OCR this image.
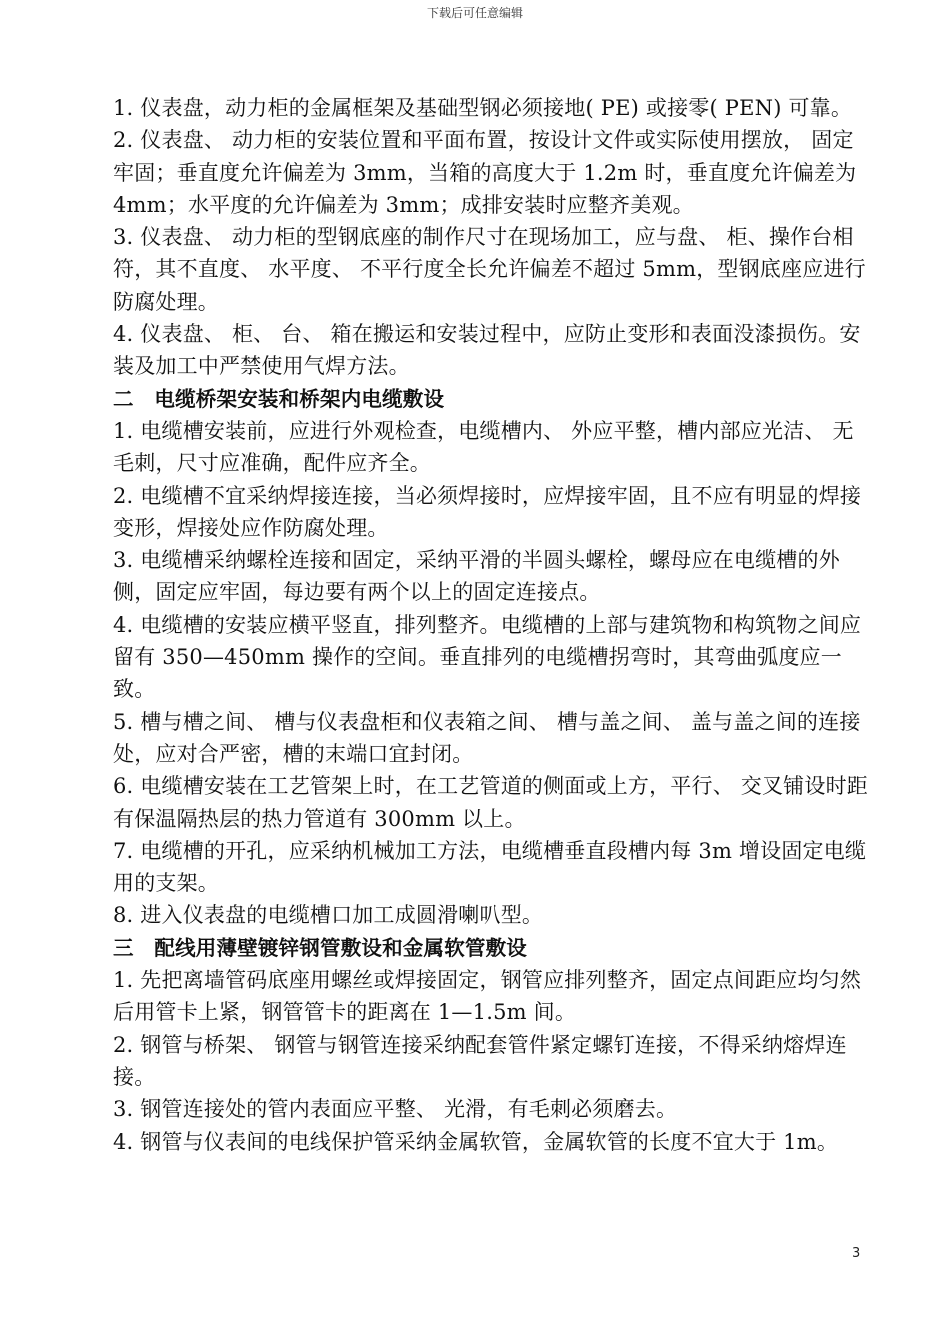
下载后可任意编辑

1. 仪表盘，动力柜的金属框架及基础型钢必须接地( PE) 或接零( PEN) 可靠。

2. 仪表盘、 动力柜的安装位置和平面布置，按设计文件或实际使用摆放， 固定牢固；垂直度允许偏差为 3mm，当箱的高度大于 1.2m 时，垂直度允许偏差为 4mm；水平度的允许偏差为 3mm；成排安装时应整齐美观。

3. 仪表盘、 动力柜的型钢底座的制作尺寸在现场加工，应与盘、 柜、操作台相符，其不直度、 水平度、 不平行度全长允许偏差不超过 5mm，型钢底座应进行防腐处理。

4. 仪表盘、 柜、 台、 箱在搬运和安装过程中，应防止变形和表面没漆损伤。安装及加工中严禁使用气焊方法。

二　电缆桥架安装和桥架内电缆敷设

1. 电缆槽安装前，应进行外观检查，电缆槽内、 外应平整，槽内部应光洁、 无毛刺，尺寸应准确，配件应齐全。

2. 电缆槽不宜采纳焊接连接，当必须焊接时，应焊接牢固，且不应有明显的焊接变形，焊接处应作防腐处理。

3. 电缆槽采纳螺栓连接和固定，采纳平滑的半圆头螺栓，螺母应在电缆槽的外侧，固定应牢固，每边要有两个以上的固定连接点。

4. 电缆槽的安装应横平竖直，排列整齐。电缆槽的上部与建筑物和构筑物之间应留有 350—450mm 操作的空间。垂直排列的电缆槽拐弯时，其弯曲弧度应一致。

5. 槽与槽之间、 槽与仪表盘柜和仪表箱之间、 槽与盖之间、 盖与盖之间的连接处，应对合严密，槽的末端口宜封闭。

6. 电缆槽安装在工艺管架上时，在工艺管道的侧面或上方，平行、 交叉铺设时距有保温隔热层的热力管道有 300mm 以上。

7. 电缆槽的开孔，应采纳机械加工方法，电缆槽垂直段槽内每 3m 增设固定电缆用的支架。

8. 进入仪表盘的电缆槽口加工成圆滑喇叭型。

三　配线用薄壁镀锌钢管敷设和金属软管敷设

1. 先把离墙管码底座用螺丝或焊接固定，钢管应排列整齐，固定点间距应均匀然后用管卡上紧，钢管管卡的距离在 1—1.5m 间。

2. 钢管与桥架、 钢管与钢管连接采纳配套管件紧定螺钉连接，不得采纳熔焊连接。

3. 钢管连接处的管内表面应平整、 光滑，有毛刺必须磨去。

4. 钢管与仪表间的电线保护管采纳金属软管，金属软管的长度不宜大于 1m。

3
